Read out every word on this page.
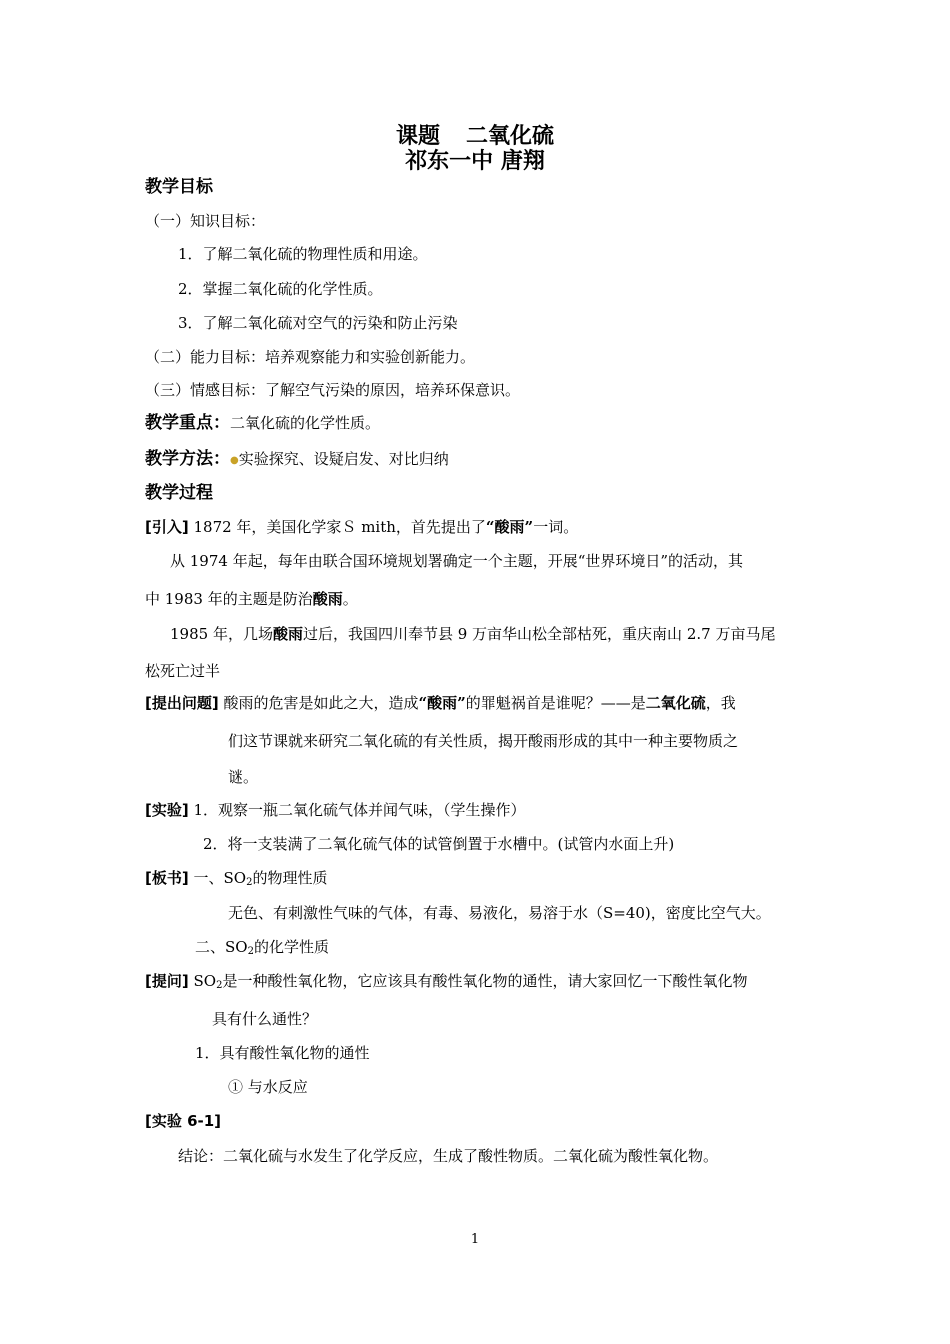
课题 二氧化硫
祁东一中 唐翔
教学目标
（一）知识目标：
1．了解二氧化硫的物理性质和用途。
2．掌握二氧化硫的化学性质。
3．了解二氧化硫对空气的污染和防止污染
（二）能力目标：培养观察能力和实验创新能力。
（三）情感目标：了解空气污染的原因，培养环保意识。
教学重点：二氧化硫的化学性质。
教学方法：●实验探究、设疑启发、对比归纳
教学过程
[引入] 1872 年，美国化学家Ｓ mith，首先提出了“酸雨”一词。
从 1974 年起，每年由联合国环境规划署确定一个主题，开展“世界环境日”的活动，其
中 1983 年的主题是防治酸雨。
1985 年，几场酸雨过后，我国四川奉节县 9 万亩华山松全部枯死，重庆南山 2.7 万亩马尾
松死亡过半
[提出问题] 酸雨的危害是如此之大，造成“酸雨”的罪魁祸首是谁呢？——是二氧化硫，我
们这节课就来研究二氧化硫的有关性质，揭开酸雨形成的其中一种主要物质之
谜。
[实验] 1．观察一瓶二氧化硫气体并闻气味，（学生操作）
2．将一支装满了二氧化硫气体的试管倒置于水槽中。(试管内水面上升)
[板书] 一、$SO_2$的物理性质
无色、有刺激性气味的气体，有毒、易液化，易溶于水（S=40)，密度比空气大。
二、$SO_2$的化学性质
[提问] $SO_2$是一种酸性氧化物，它应该具有酸性氧化物的通性，请大家回忆一下酸性氧化物
具有什么通性？
1．具有酸性氧化物的通性
① 与水反应
[实验 6-1]
结论：二氧化硫与水发生了化学反应，生成了酸性物质。二氧化硫为酸性氧化物。
1
